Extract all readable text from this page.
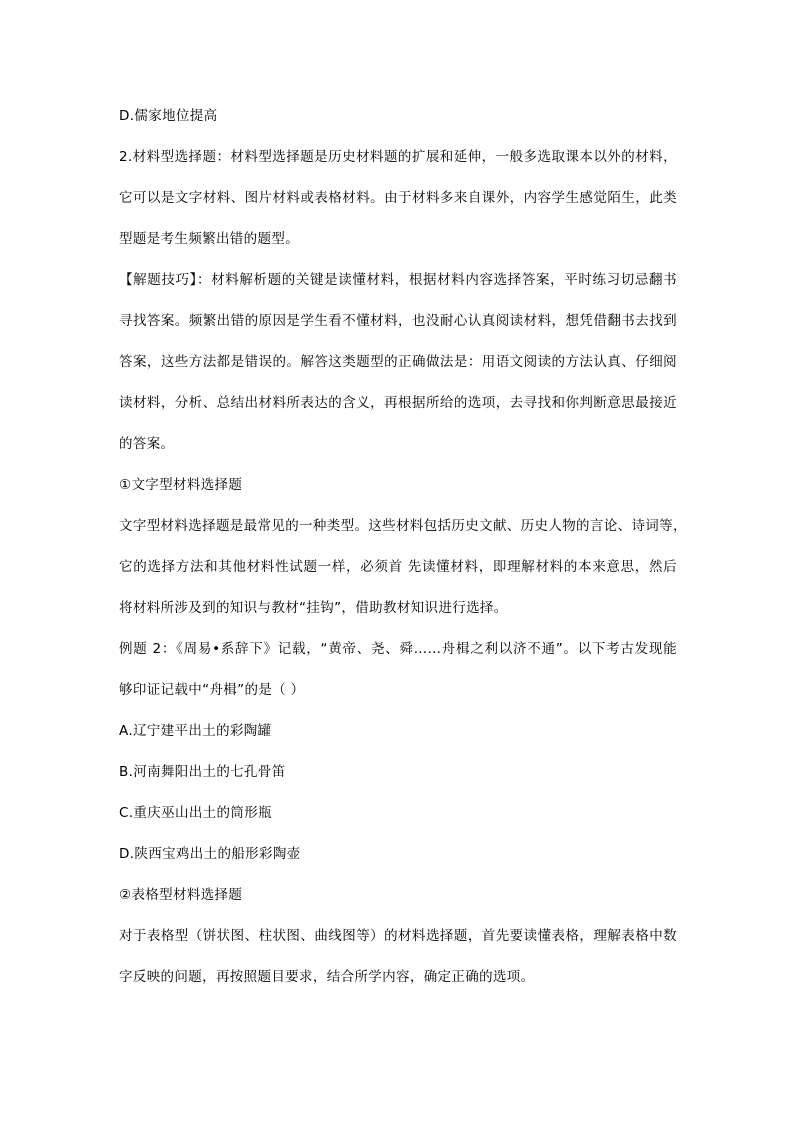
D.儒家地位提高
2.材料型选择题：材料型选择题是历史材料题的扩展和延伸，一般多选取课本以外的材料，
它可以是文字材料、图片材料或表格材料。由于材料多来自课外，内容学生感觉陌生，此类
型题是考生频繁出错的题型。
【解题技巧】：材料解析题的关键是读懂材料，根据材料内容选择答案，平时练习切忌翻书
寻找答案。频繁出错的原因是学生看不懂材料，也没耐心认真阅读材料，想凭借翻书去找到
答案，这些方法都是错误的。解答这类题型的正确做法是：用语文阅读的方法认真、仔细阅
读材料，分析、总结出材料所表达的含义，再根据所给的选项，去寻找和你判断意思最接近
的答案。
①文字型材料选择题
文字型材料选择题是最常见的一种类型。这些材料包括历史文献、历史人物的言论、诗词等，
它的选择方法和其他材料性试题一样，必须首 先读懂材料，即理解材料的本来意思，然后
将材料所涉及到的知识与教材“挂钩”，借助教材知识进行选择。
例题 2：《周易•系辞下》记载，“黄帝、尧、舜……舟楫之利以济不通”。以下考古发现能
够印证记载中“舟楫”的是（ ）
A.辽宁建平出土的彩陶罐
B.河南舞阳出土的七孔骨笛
C.重庆巫山出土的筒形瓶
D.陕西宝鸡出土的船形彩陶壶
②表格型材料选择题
对于表格型（饼状图、柱状图、曲线图等）的材料选择题，首先要读懂表格，理解表格中数
字反映的问题，再按照题目要求，结合所学内容，确定正确的选项。
